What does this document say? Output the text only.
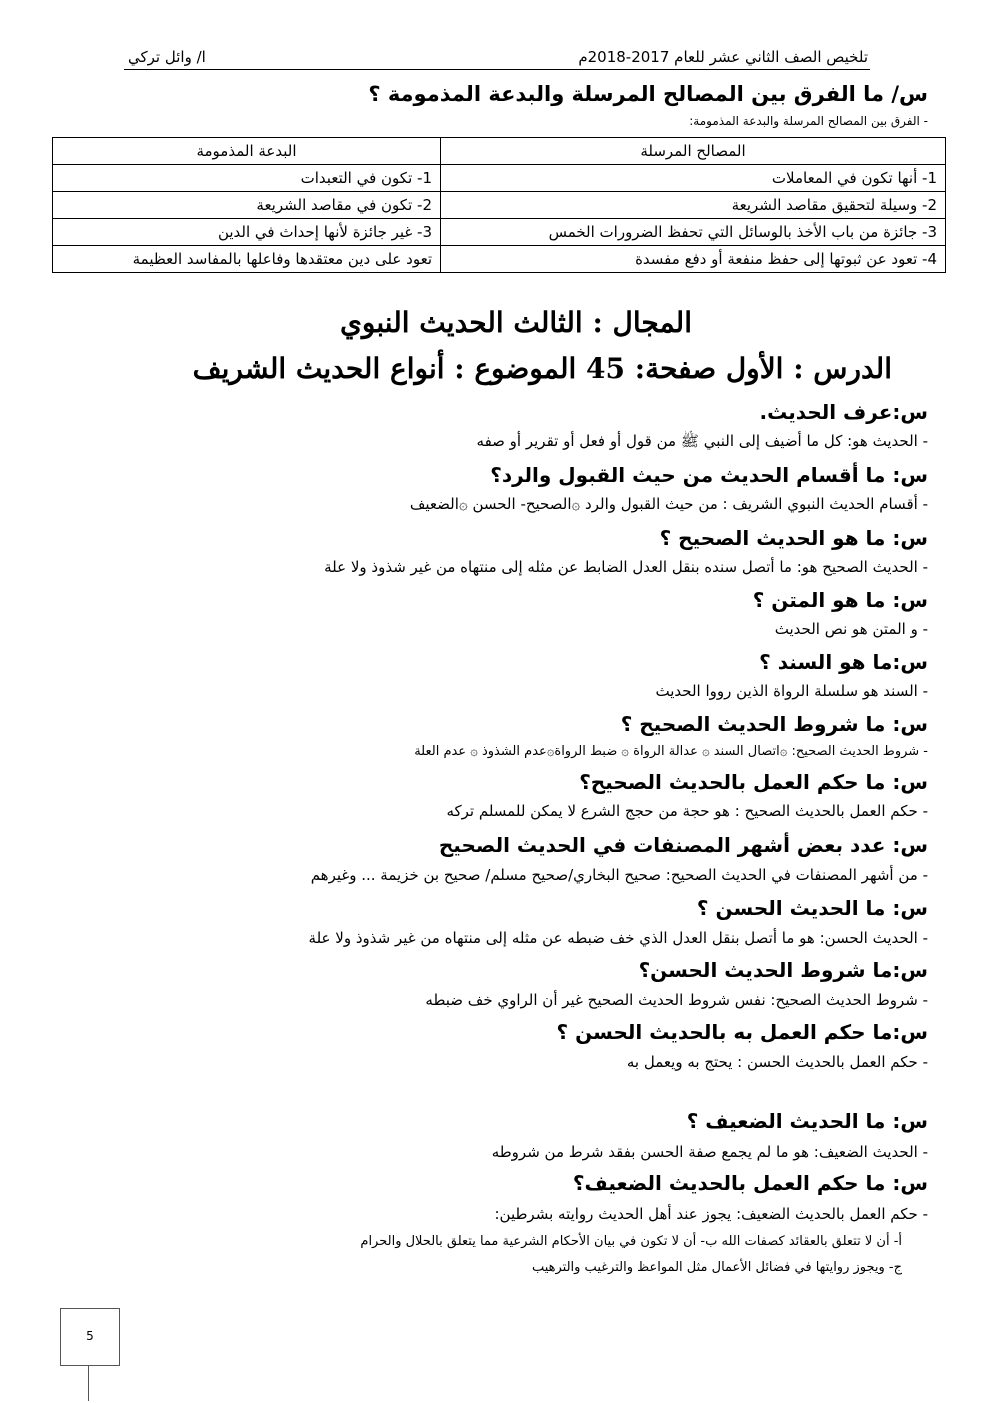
ا/ وائل تركي	تلخيص الصف الثاني عشر للعام 2017-2018م
س/ ما الفرق بين المصالح المرسلة والبدعة المذمومة ؟
- الفرق بين المصالح المرسلة والبدعة المذمومة:
المصالح المرسلة	البدعة المذمومة
1- أنها تكون في المعاملات	1- تكون في التعبدات
2- وسيلة لتحقيق مقاصد الشريعة	2- تكون في مقاصد الشريعة
3- جائزة من باب الأخذ بالوسائل التي تحفظ الضرورات الخمس	3- غير جائزة لأنها إحداث في الدين
4- تعود عن ثبوتها إلى حفظ منفعة أو دفع مفسدة	تعود على دين معتقدها وفاعلها بالمفاسد العظيمة
المجال : الثالث الحديث النبوي
الدرس : الأول صفحة: 45 الموضوع : أنواع الحديث الشريف
س:عرف الحديث.
- الحديث هو: كل ما أضيف إلى النبي ﷺ من قول أو فعل أو تقرير أو صفه
س: ما أقسام الحديث من حيث القبول والرد؟
- أقسام الحديث النبوي الشريف : من حيث القبول والرد ۞الصحيح- الحسن ۞الضعيف
س: ما هو الحديث الصحيح ؟
- الحديث الصحيح هو: ما أتصل سنده بنقل العدل الضابط عن مثله إلى منتهاه من غير شذوذ ولا علة
س: ما هو المتن ؟
- و المتن هو نص الحديث
س:ما هو السند ؟
- السند هو سلسلة الرواة الذين رووا الحديث
س: ما شروط الحديث الصحيح ؟
- شروط الحديث الصحيح: ۞اتصال السند ۞ عدالة الرواة ۞ ضبط الرواة۞عدم الشذوذ ۞ عدم العلة
س: ما حكم العمل بالحديث الصحيح؟
- حكم العمل بالحديث الصحيح : هو حجة من حجج الشرع لا يمكن للمسلم تركه
س: عدد بعض أشهر المصنفات في الحديث الصحيح
- من أشهر المصنفات في الحديث الصحيح: صحيح البخاري/صحيح مسلم/ صحيح بن خزيمة ... وغيرهم
س: ما الحديث الحسن ؟
- الحديث الحسن: هو ما أتصل بنقل العدل الذي خف ضبطه عن مثله إلى منتهاه من غير شذوذ ولا علة
س:ما شروط الحديث الحسن؟
- شروط الحديث الصحيح: نفس شروط الحديث الصحيح غير أن الراوي خف ضبطه
س:ما حكم العمل به بالحديث الحسن ؟
- حكم العمل بالحديث الحسن : يحتج به ويعمل به
س: ما الحديث الضعيف ؟
- الحديث الضعيف: هو ما لم يجمع صفة الحسن بفقد شرط من شروطه
س: ما حكم العمل بالحديث الضعيف؟
- حكم العمل بالحديث الضعيف: يجوز عند أهل الحديث روايته بشرطين:
أ- أن لا تتعلق بالعقائد كصفات الله ب- أن لا تكون في بيان الأحكام الشرعية مما يتعلق بالحلال والحرام
ج- ويجوز روايتها في فضائل الأعمال مثل المواعظ والترغيب والترهيب
5
